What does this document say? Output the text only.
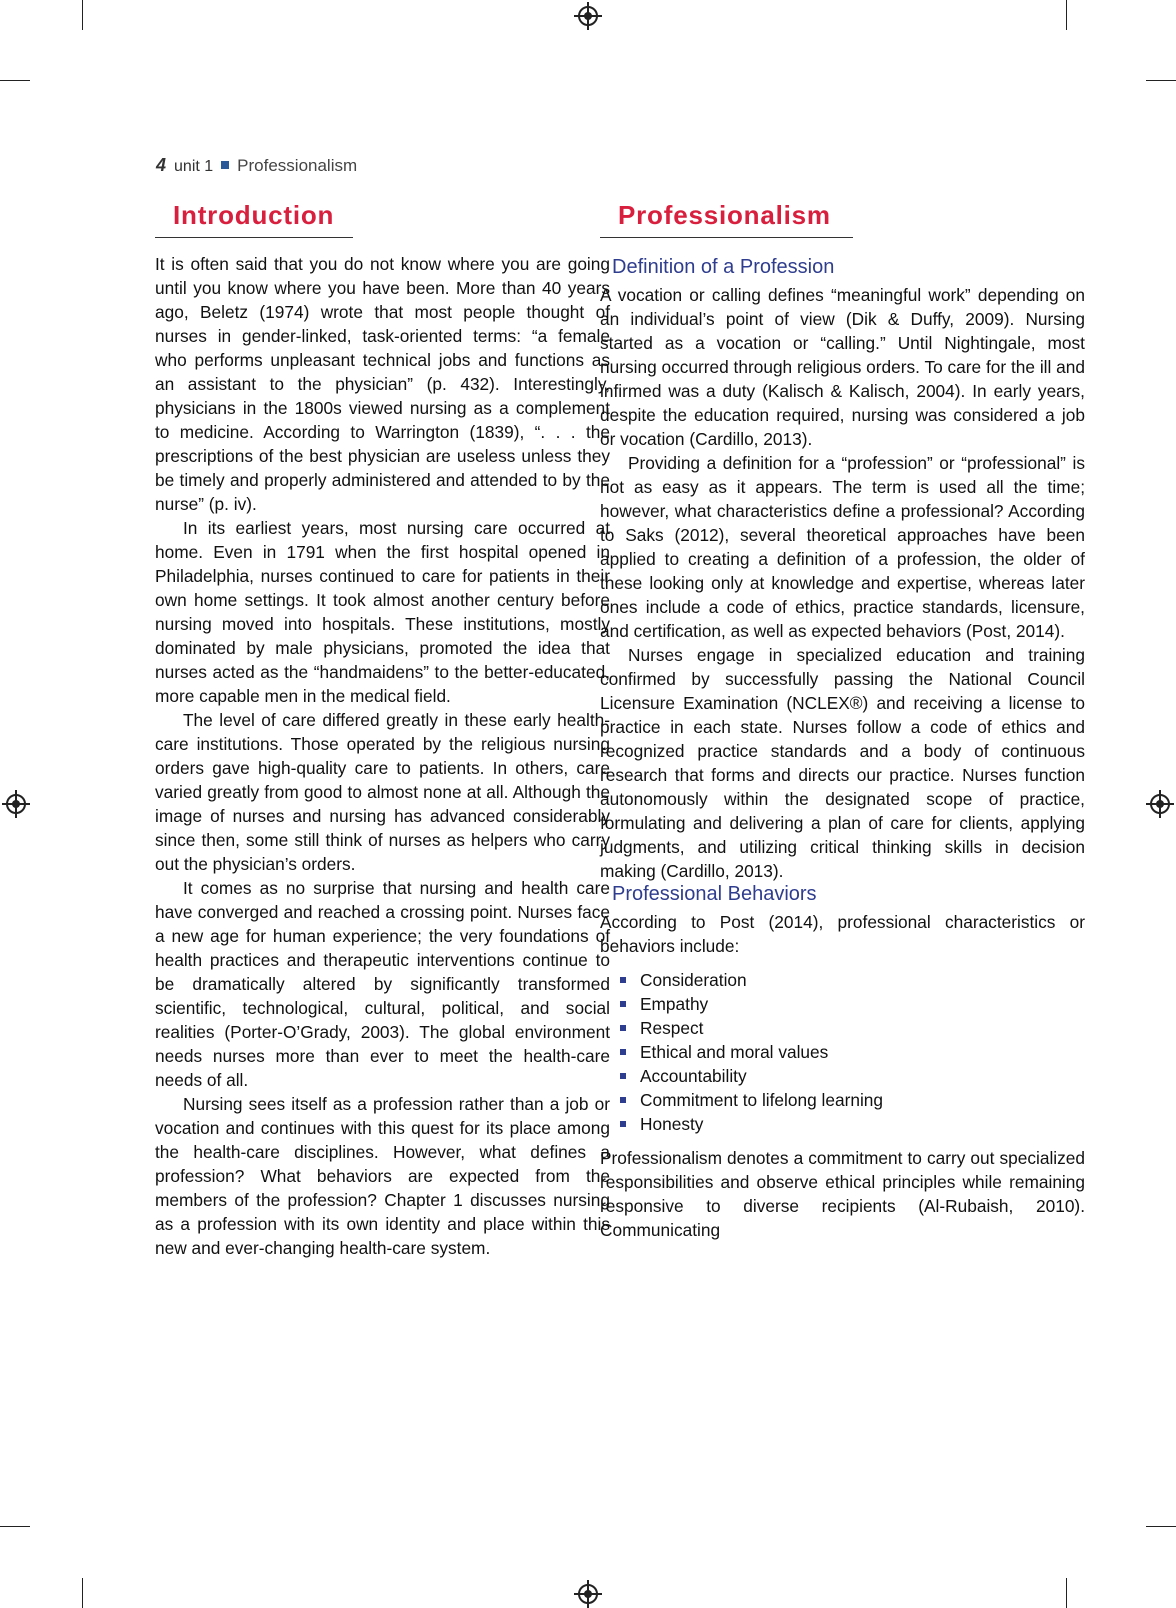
4 unit 1 Professionalism
Introduction

It is often said that you do not know where you are going until you know where you have been. More than 40 years ago, Beletz (1974) wrote that most people thought of nurses in gender-linked, task-oriented terms: “a female who performs unpleasant technical jobs and functions as an assistant to the physician” (p. 432). Interestingly, physicians in the 1800s viewed nursing as a complement to medicine. According to Warrington (1839), “. . . the prescriptions of the best physician are useless unless they be timely and properly administered and attended to by the nurse” (p. iv).

In its earliest years, most nursing care occurred at home. Even in 1791 when the first hospital opened in Philadelphia, nurses continued to care for patients in their own home settings. It took almost another century before nursing moved into hospitals. These institutions, mostly dominated by male physicians, promoted the idea that nurses acted as the “handmaidens” to the better-educated, more capable men in the medical field.

The level of care differed greatly in these early health-care institutions. Those operated by the religious nursing orders gave high-quality care to patients. In others, care varied greatly from good to almost none at all. Although the image of nurses and nursing has advanced considerably since then, some still think of nurses as helpers who carry out the physician’s orders.

It comes as no surprise that nursing and health care have converged and reached a crossing point. Nurses face a new age for human experience; the very foundations of health practices and therapeutic interventions continue to be dramatically altered by significantly transformed scientific, technological, cultural, political, and social realities (Porter-O’Grady, 2003). The global environment needs nurses more than ever to meet the health-care needs of all.

Nursing sees itself as a profession rather than a job or vocation and continues with this quest for its place among the health-care disciplines. However, what defines a profession? What behaviors are expected from the members of the profession? Chapter 1 discusses nursing as a profession with its own identity and place within this new and ever-changing health-care system.

Professionalism
Definition of a Profession

A vocation or calling defines “meaningful work” depending on an individual’s point of view (Dik & Duffy, 2009). Nursing started as a vocation or “calling.” Until Nightingale, most nursing occurred through religious orders. To care for the ill and infirmed was a duty (Kalisch & Kalisch, 2004). In early years, despite the education required, nursing was considered a job or vocation (Cardillo, 2013).

Providing a definition for a “profession” or “professional” is not as easy as it appears. The term is used all the time; however, what characteristics define a professional? According to Saks (2012), several theoretical approaches have been applied to creating a definition of a profession, the older of these looking only at knowledge and expertise, whereas later ones include a code of ethics, practice standards, licensure, and certification, as well as expected behaviors (Post, 2014).

Nurses engage in specialized education and training confirmed by successfully passing the National Council Licensure Examination (NCLEX®) and receiving a license to practice in each state. Nurses follow a code of ethics and recognized practice standards and a body of continuous research that forms and directs our practice. Nurses function autonomously within the designated scope of practice, formulating and delivering a plan of care for clients, applying judgments, and utilizing critical thinking skills in decision making (Cardillo, 2013).

Professional Behaviors

According to Post (2014), professional characteristics or behaviors include:

Consideration
Empathy
Respect
Ethical and moral values
Accountability
Commitment to lifelong learning
Honesty

Professionalism denotes a commitment to carry out specialized responsibilities and observe ethical principles while remaining responsive to diverse recipients (Al-Rubaish, 2010). Communicating
